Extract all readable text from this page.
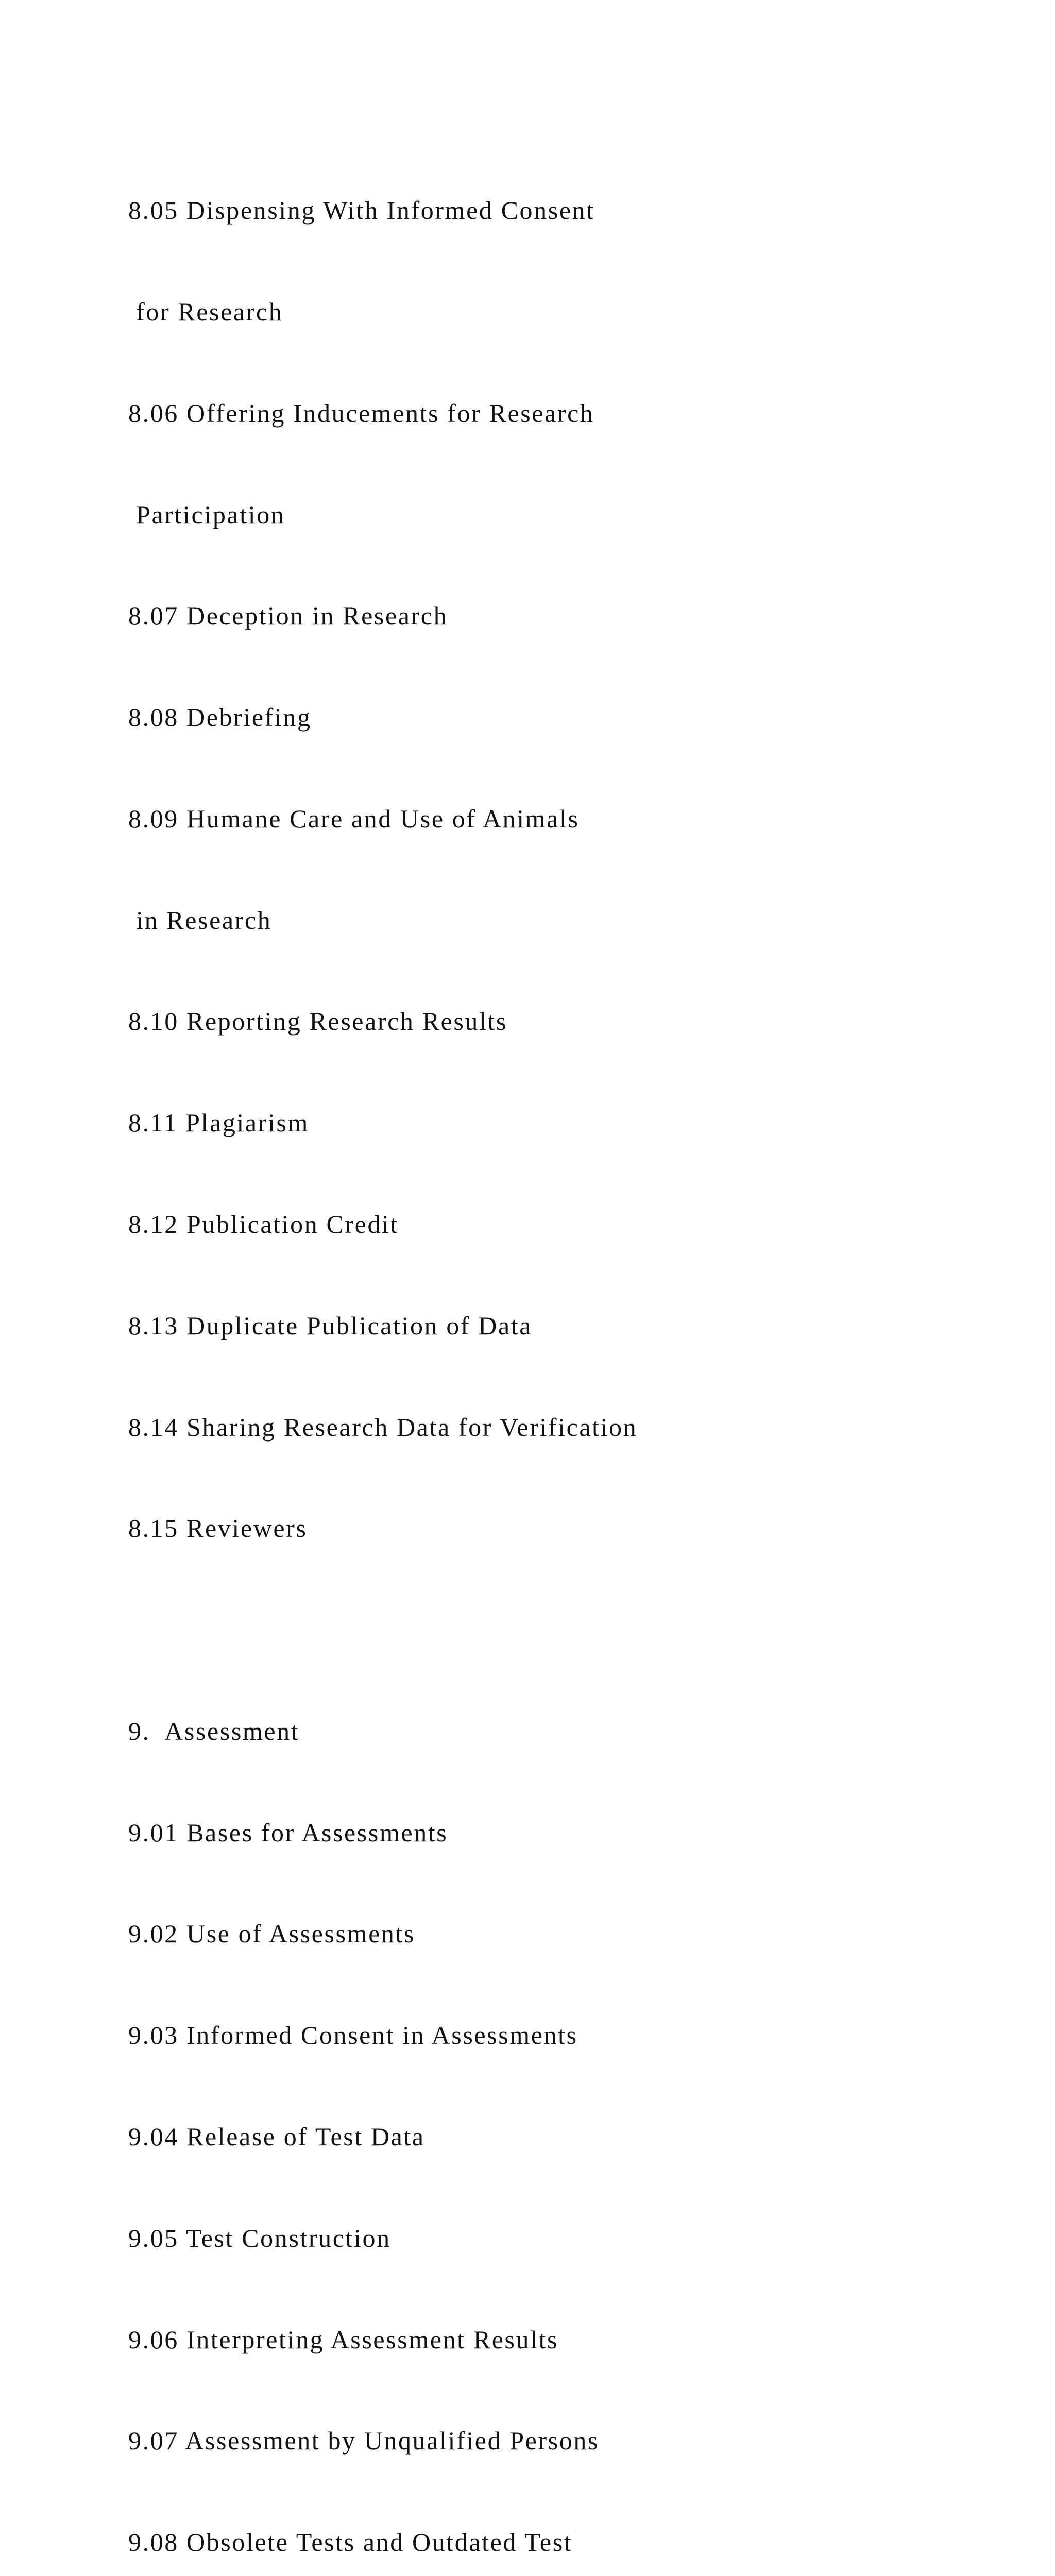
8.05 Dispensing With Informed Consent

for Research

8.06 Offering Inducements for Research

Participation

8.07 Deception in Research

8.08 Debriefing

8.09 Humane Care and Use of Animals

in Research

8.10 Reporting Research Results

8.11 Plagiarism

8.12 Publication Credit

8.13 Duplicate Publication of Data

8.14 Sharing Research Data for Verification

8.15 Reviewers

9.  Assessment

9.01 Bases for Assessments

9.02 Use of Assessments

9.03 Informed Consent in Assessments

9.04 Release of Test Data

9.05 Test Construction

9.06 Interpreting Assessment Results

9.07 Assessment by Unqualified Persons

9.08 Obsolete Tests and Outdated Test
